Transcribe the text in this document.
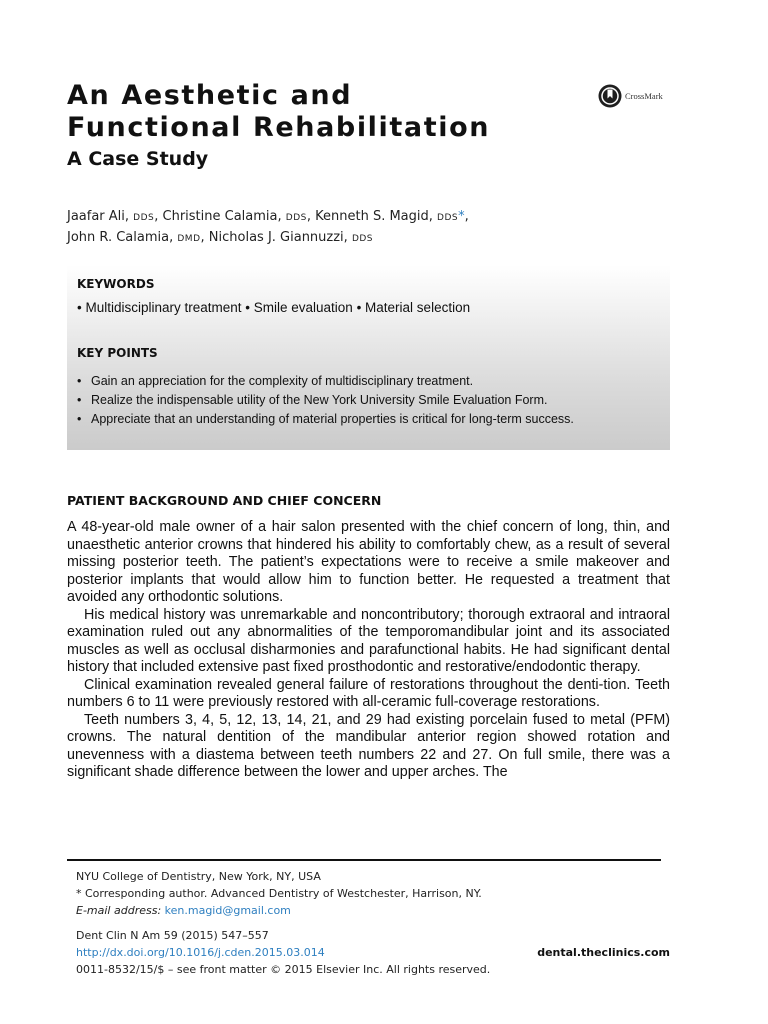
An Aesthetic and
Functional Rehabilitation
A Case Study
CrossMark
Jaafar Ali, DDS, Christine Calamia, DDS, Kenneth S. Magid, DDS*,
John R. Calamia, DMD, Nicholas J. Giannuzzi, DDS
KEYWORDS
• Multidisciplinary treatment • Smile evaluation • Material selection
KEY POINTS
• Gain an appreciation for the complexity of multidisciplinary treatment.
• Realize the indispensable utility of the New York University Smile Evaluation Form.
• Appreciate that an understanding of material properties is critical for long-term success.
PATIENT BACKGROUND AND CHIEF CONCERN

A 48-year-old male owner of a hair salon presented with the chief concern of long, thin, and unaesthetic anterior crowns that hindered his ability to comfortably chew, as a result of several missing posterior teeth. The patient’s expectations were to receive a smile makeover and posterior implants that would allow him to function better. He requested a treatment that avoided any orthodontic solutions.

His medical history was unremarkable and noncontributory; thorough extraoral and intraoral examination ruled out any abnormalities of the temporomandibular joint and its associated muscles as well as occlusal disharmonies and parafunctional habits. He had significant dental history that included extensive past fixed prosthodontic and restorative/endodontic therapy.

Clinical examination revealed general failure of restorations throughout the denti-tion. Teeth numbers 6 to 11 were previously restored with all-ceramic full-coverage restorations.

Teeth numbers 3, 4, 5, 12, 13, 14, 21, and 29 had existing porcelain fused to metal (PFM) crowns. The natural dentition of the mandibular anterior region showed rotation and unevenness with a diastema between teeth numbers 22 and 27. On full smile, there was a significant shade difference between the lower and upper arches. The

NYU College of Dentistry, New York, NY, USA
* Corresponding author. Advanced Dentistry of Westchester, Harrison, NY.
E-mail address: ken.magid@gmail.com
Dent Clin N Am 59 (2015) 547–557
http://dx.doi.org/10.1016/j.cden.2015.03.014	dental.theclinics.com
0011-8532/15/$ – see front matter © 2015 Elsevier Inc. All rights reserved.
